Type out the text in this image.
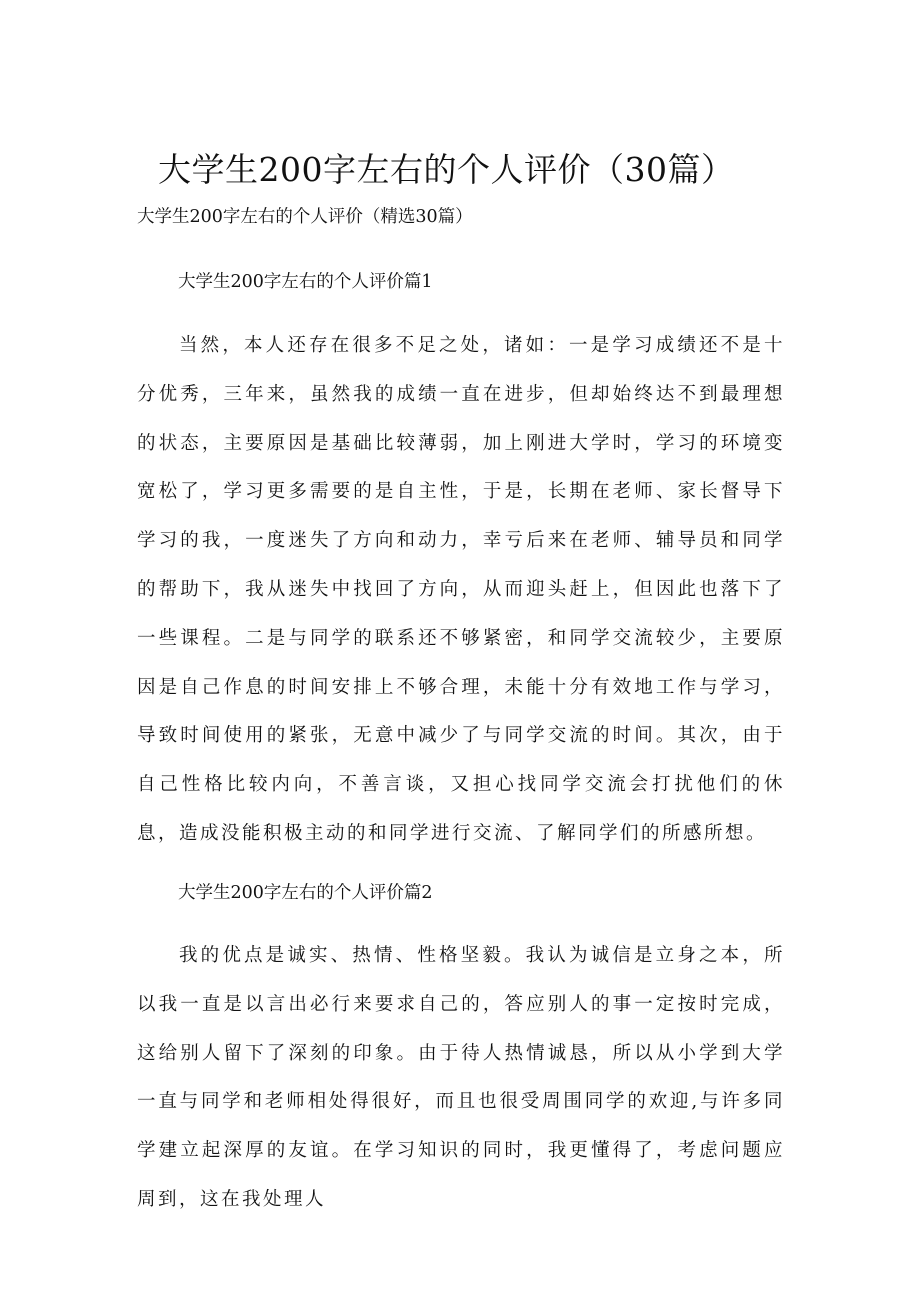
大学生200字左右的个人评价（30篇）

大学生200字左右的个人评价（精选30篇）

大学生200字左右的个人评价篇1

当然，本人还存在很多不足之处，诸如：一是学习成绩还不是十分优秀，三年来，虽然我的成绩一直在进步，但却始终达不到最理想的状态，主要原因是基础比较薄弱，加上刚进大学时，学习的环境变宽松了，学习更多需要的是自主性，于是，长期在老师、家长督导下学习的我，一度迷失了方向和动力，幸亏后来在老师、辅导员和同学的帮助下，我从迷失中找回了方向，从而迎头赶上，但因此也落下了一些课程。二是与同学的联系还不够紧密，和同学交流较少，主要原因是自己作息的时间安排上不够合理，未能十分有效地工作与学习，导致时间使用的紧张，无意中减少了与同学交流的时间。其次，由于自己性格比较内向，不善言谈，又担心找同学交流会打扰他们的休息，造成没能积极主动的和同学进行交流、了解同学们的所感所想。

大学生200字左右的个人评价篇2

我的优点是诚实、热情、性格坚毅。我认为诚信是立身之本，所以我一直是以言出必行来要求自己的，答应别人的事一定按时完成，这给别人留下了深刻的印象。由于待人热情诚恳，所以从小学到大学一直与同学和老师相处得很好，而且也很受周围同学的欢迎,与许多同学建立起深厚的友谊。在学习知识的同时，我更懂得了，考虑问题应周到，这在我处理人
